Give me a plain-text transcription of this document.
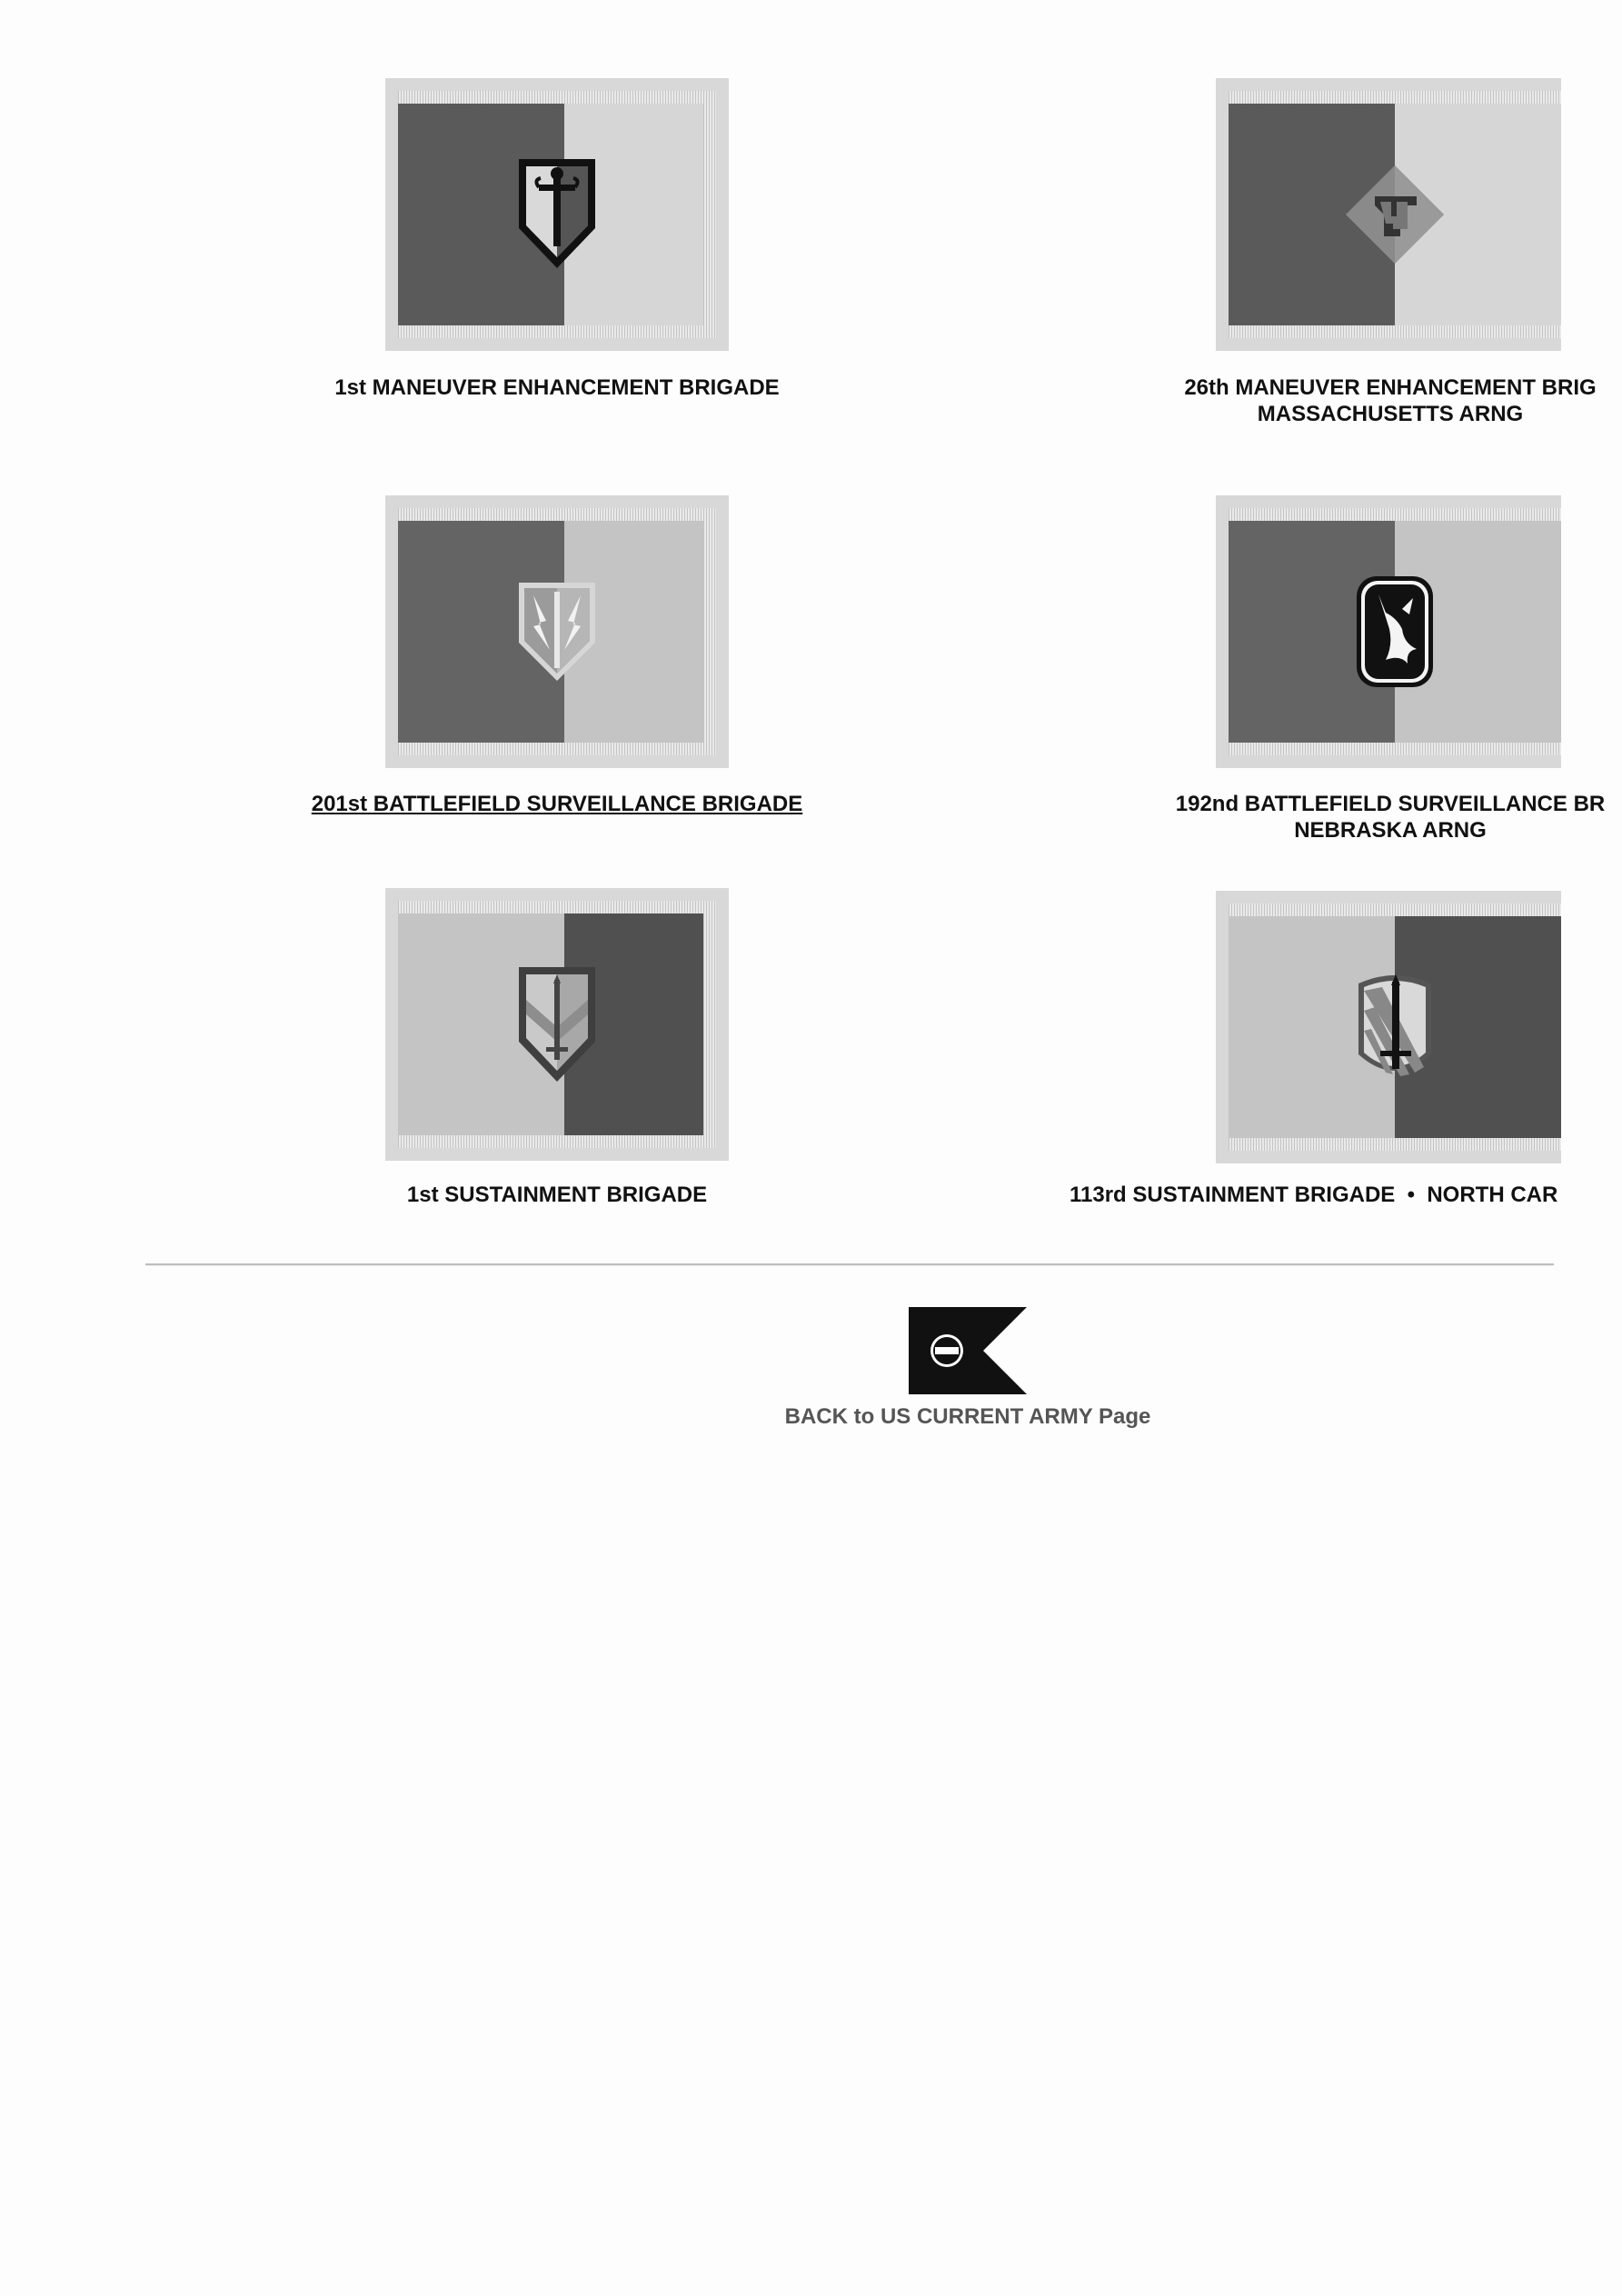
1st MANEUVER ENHANCEMENT BRIGADE	26th MANEUVER ENHANCEMENT BRIG
MASSACHUSETTS ARNG

201st BATTLEFIELD SURVEILLANCE BRIGADE	192nd BATTLEFIELD SURVEILLANCE BR
NEBRASKA ARNG

1st SUSTAINMENT BRIGADE	113rd SUSTAINMENT BRIGADE  •  NORTH CAR

BACK to US CURRENT ARMY Page
